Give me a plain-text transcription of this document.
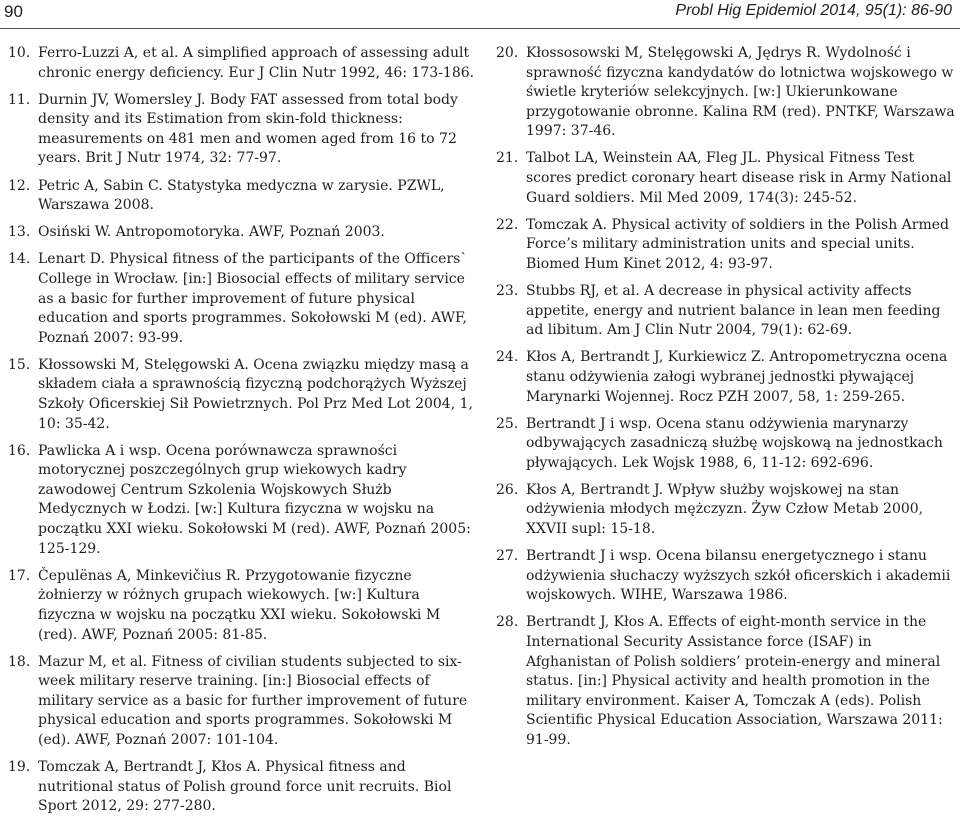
90	Probl Hig Epidemiol 2014, 95(1): 86-90
10. Ferro-Luzzi A, et al. A simplified approach of assessing adult chronic energy deficiency. Eur J Clin Nutr 1992, 46: 173-186.
11. Durnin JV, Womersley J. Body FAT assessed from total body density and its Estimation from skin-fold thickness: measurements on 481 men and women aged from 16 to 72 years. Brit J Nutr 1974, 32: 77-97.
12. Petric A, Sabin C. Statystyka medyczna w zarysie. PZWL, Warszawa 2008.
13. Osiński W. Antropomotoryka. AWF, Poznań 2003.
14. Lenart D. Physical fitness of the participants of the Officers` College in Wrocław. [in:] Biosocial effects of military service as a basic for further improvement of future physical education and sports programmes. Sokołowski M (ed). AWF, Poznań 2007: 93-99.
15. Kłossowski M, Stelęgowski A. Ocena związku między masą a składem ciała a sprawnością fizyczną podchorążych Wyższej Szkoły Oficerskiej Sił Powietrznych. Pol Prz Med Lot 2004, 1, 10: 35-42.
16. Pawlicka A i wsp. Ocena porównawcza sprawności motorycznej poszczególnych grup wiekowych kadry zawodowej Centrum Szkolenia Wojskowych Służb Medycznych w Łodzi. [w:] Kultura fizyczna w wojsku na początku XXI wieku. Sokołowski M (red). AWF, Poznań 2005: 125-129.
17. Čepulënas A, Minkevičius R. Przygotowanie fizyczne żołnierzy w różnych grupach wiekowych. [w:] Kultura fizyczna w wojsku na początku XXI wieku. Sokołowski M (red). AWF, Poznań 2005: 81-85.
18. Mazur M, et al. Fitness of civilian students subjected to six-week military reserve training. [in:] Biosocial effects of military service as a basic for further improvement of future physical education and sports programmes. Sokołowski M (ed). AWF, Poznań 2007: 101-104.
19. Tomczak A, Bertrandt J, Kłos A. Physical fitness and nutritional status of Polish ground force unit recruits. Biol Sport 2012, 29: 277-280.
20. Kłossosowski M, Stelęgowski A, Jędrys R. Wydolność i sprawność fizyczna kandydatów do lotnictwa wojskowego w świetle kryteriów selekcyjnych. [w:] Ukierunkowane przygotowanie obronne. Kalina RM (red). PNTKF, Warszawa 1997: 37-46.
21. Talbot LA, Weinstein AA, Fleg JL. Physical Fitness Test scores predict coronary heart disease risk in Army National Guard soldiers. Mil Med 2009, 174(3): 245-52.
22. Tomczak A. Physical activity of soldiers in the Polish Armed Force’s military administration units and special units. Biomed Hum Kinet 2012, 4: 93-97.
23. Stubbs RJ, et al. A decrease in physical activity affects appetite, energy and nutrient balance in lean men feeding ad libitum. Am J Clin Nutr 2004, 79(1): 62-69.
24. Kłos A, Bertrandt J, Kurkiewicz Z. Antropometryczna ocena stanu odżywienia załogi wybranej jednostki pływającej Marynarki Wojennej. Rocz PZH 2007, 58, 1: 259-265.
25. Bertrandt J i wsp. Ocena stanu odżywienia marynarzy odbywających zasadniczą służbę wojskową na jednostkach pływających. Lek Wojsk 1988, 6, 11-12: 692-696.
26. Kłos A, Bertrandt J. Wpływ służby wojskowej na stan odżywienia młodych mężczyzn. Żyw Człow Metab 2000, XXVII supl: 15-18.
27. Bertrandt J i wsp. Ocena bilansu energetycznego i stanu odżywienia słuchaczy wyższych szkół oficerskich i akademii wojskowych. WIHE, Warszawa 1986.
28. Bertrandt J, Kłos A. Effects of eight-month service in the International Security Assistance force (ISAF) in Afghanistan of Polish soldiers’ protein-energy and mineral status. [in:] Physical activity and health promotion in the military environment. Kaiser A, Tomczak A (eds). Polish Scientific Physical Education Association, Warszawa 2011: 91-99.
